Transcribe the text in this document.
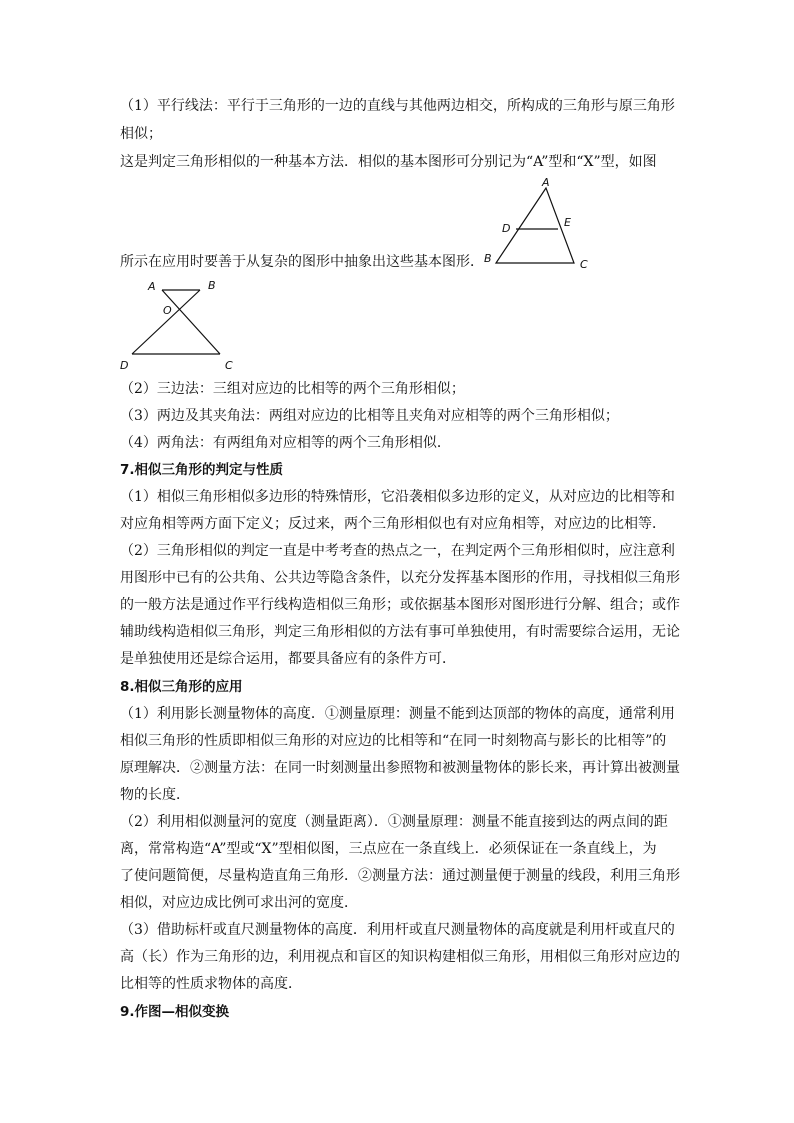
（1）平行线法：平行于三角形的一边的直线与其他两边相交，所构成的三角形与原三角形
相似；
这是判定三角形相似的一种基本方法．相似的基本图形可分别记为“A”型和“X”型，如图
A
D	E
B	C
所示在应用时要善于从复杂的图形中抽象出这些基本图形．
A	B
O
D	C
（2）三边法：三组对应边的比相等的两个三角形相似；
（3）两边及其夹角法：两组对应边的比相等且夹角对应相等的两个三角形相似；
（4）两角法：有两组角对应相等的两个三角形相似．
7.相似三角形的判定与性质
（1）相似三角形相似多边形的特殊情形，它沿袭相似多边形的定义，从对应边的比相等和
对应角相等两方面下定义；反过来，两个三角形相似也有对应角相等，对应边的比相等．
（2）三角形相似的判定一直是中考考查的热点之一，在判定两个三角形相似时，应注意利
用图形中已有的公共角、公共边等隐含条件，以充分发挥基本图形的作用，寻找相似三角形
的一般方法是通过作平行线构造相似三角形；或依据基本图形对图形进行分解、组合；或作
辅助线构造相似三角形，判定三角形相似的方法有事可单独使用，有时需要综合运用，无论
是单独使用还是综合运用，都要具备应有的条件方可．
8.相似三角形的应用
（1）利用影长测量物体的高度．①测量原理：测量不能到达顶部的物体的高度，通常利用
相似三角形的性质即相似三角形的对应边的比相等和“在同一时刻物高与影长的比相等”的
原理解决．②测量方法：在同一时刻测量出参照物和被测量物体的影长来，再计算出被测量
物的长度．
（2）利用相似测量河的宽度（测量距离）．①测量原理：测量不能直接到达的两点间的距
离，常常构造“A”型或“X”型相似图，三点应在一条直线上．必须保证在一条直线上，为
了使问题简便，尽量构造直角三角形．②测量方法：通过测量便于测量的线段，利用三角形
相似，对应边成比例可求出河的宽度．
（3）借助标杆或直尺测量物体的高度．利用杆或直尺测量物体的高度就是利用杆或直尺的
高（长）作为三角形的边，利用视点和盲区的知识构建相似三角形，用相似三角形对应边的
比相等的性质求物体的高度．
9.作图—相似变换
